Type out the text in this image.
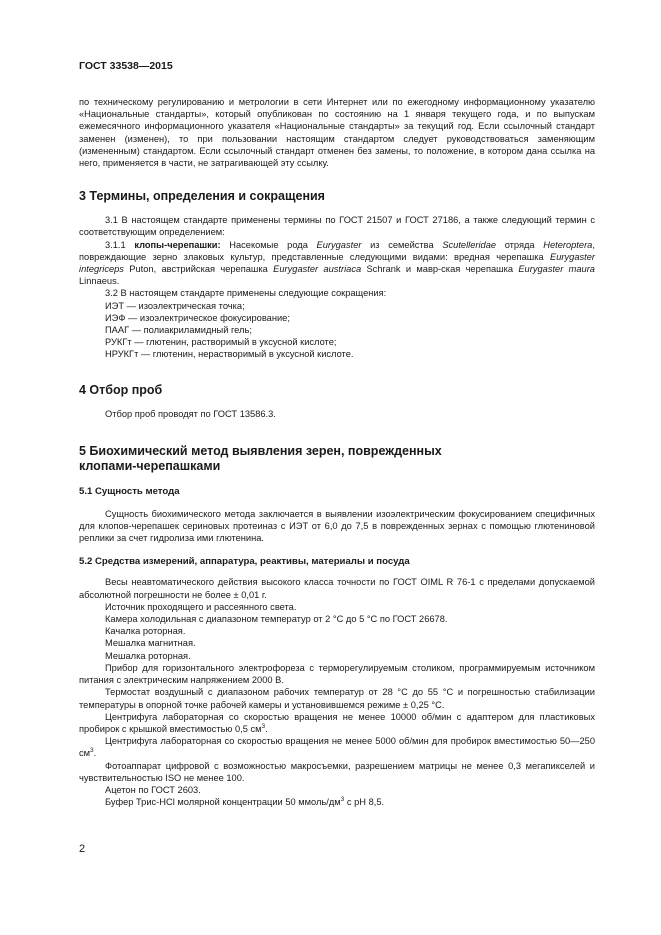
ГОСТ 33538—2015

по техническому регулированию и метрологии в сети Интернет или по ежегодному информационному указателю «Национальные стандарты», который опубликован по состоянию на 1 января текущего года, и по выпускам ежемесячного информационного указателя «Национальные стандарты» за текущий год. Если ссылочный стандарт заменен (изменен), то при пользовании настоящим стандартом следует руководствоваться заменяющим (измененным) стандартом. Если ссылочный стандарт отменен без замены, то положение, в котором дана ссылка на него, применяется в части, не затрагивающей эту ссылку.

3 Термины, определения и сокращения

3.1 В настоящем стандарте применены термины по ГОСТ 21507 и ГОСТ 27186, а также следующий термин с соответствующим определением:

3.1.1 клопы-черепашки: Насекомые рода Eurygaster из семейства Scutelleridae отряда Heteroptera, повреждающие зерно злаковых культур, представленные следующими видами: вредная черепашка Eurygaster integriceps Puton, австрийская черепашка Eurygaster austriaca Schrank и мавр-ская черепашка Eurygaster maura Linnaeus.

3.2 В настоящем стандарте применены следующие сокращения:

ИЭТ — изоэлектрическая точка;

ИЭФ — изоэлектрическое фокусирование;

ПААГ — полиакриламидный гель;

РУКГт — глютенин, растворимый в уксусной кислоте;

НРУКГт — глютенин, нерастворимый в уксусной кислоте.

4 Отбор проб

Отбор проб проводят по ГОСТ 13586.3.

5 Биохимический метод выявления зерен, поврежденных
клопами-черепашками
5.1 Сущность метода

Сущность биохимического метода заключается в выявлении изоэлектрическим фокусированием специфичных для клопов-черепашек сериновых протеиназ с ИЭТ от 6,0 до 7,5 в поврежденных зернах с помощью глютениновой реплики за счет гидролиза ими глютенина.

5.2 Средства измерений, аппаратура, реактивы, материалы и посуда

Весы неавтоматического действия высокого класса точности по ГОСТ OIML R 76-1 с пределами допускаемой абсолютной погрешности не более ± 0,01 г.

Источник проходящего и рассеянного света.

Камера холодильная с диапазоном температур от 2 °С до 5 °С по ГОСТ 26678.

Качалка роторная.

Мешалка магнитная.

Мешалка роторная.

Прибор для горизонтального электрофореза с терморегулируемым столиком, программируемым источником питания с электрическим напряжением 2000 В.

Термостат воздушный с диапазоном рабочих температур от 28 °С до 55 °С и погрешностью стабилизации температуры в опорной точке рабочей камеры и установившемся режиме ± 0,25 °С.

Центрифуга лабораторная со скоростью вращения не менее 10000 об/мин с адаптером для пластиковых пробирок с крышкой вместимостью 0,5 $см^3$.

Центрифуга лабораторная со скоростью вращения не менее 5000 об/мин для пробирок вместимостью 50—250 $см^3$.

Фотоаппарат цифровой с возможностью макросъемки, разрешением матрицы не менее 0,3 мегапикселей и чувствительностью ISO не менее 100.

Ацетон по ГОСТ 2603.

Буфер Трис-HCl молярной концентрации 50 ммоль/$дм^3$ с рН 8,5.

2
